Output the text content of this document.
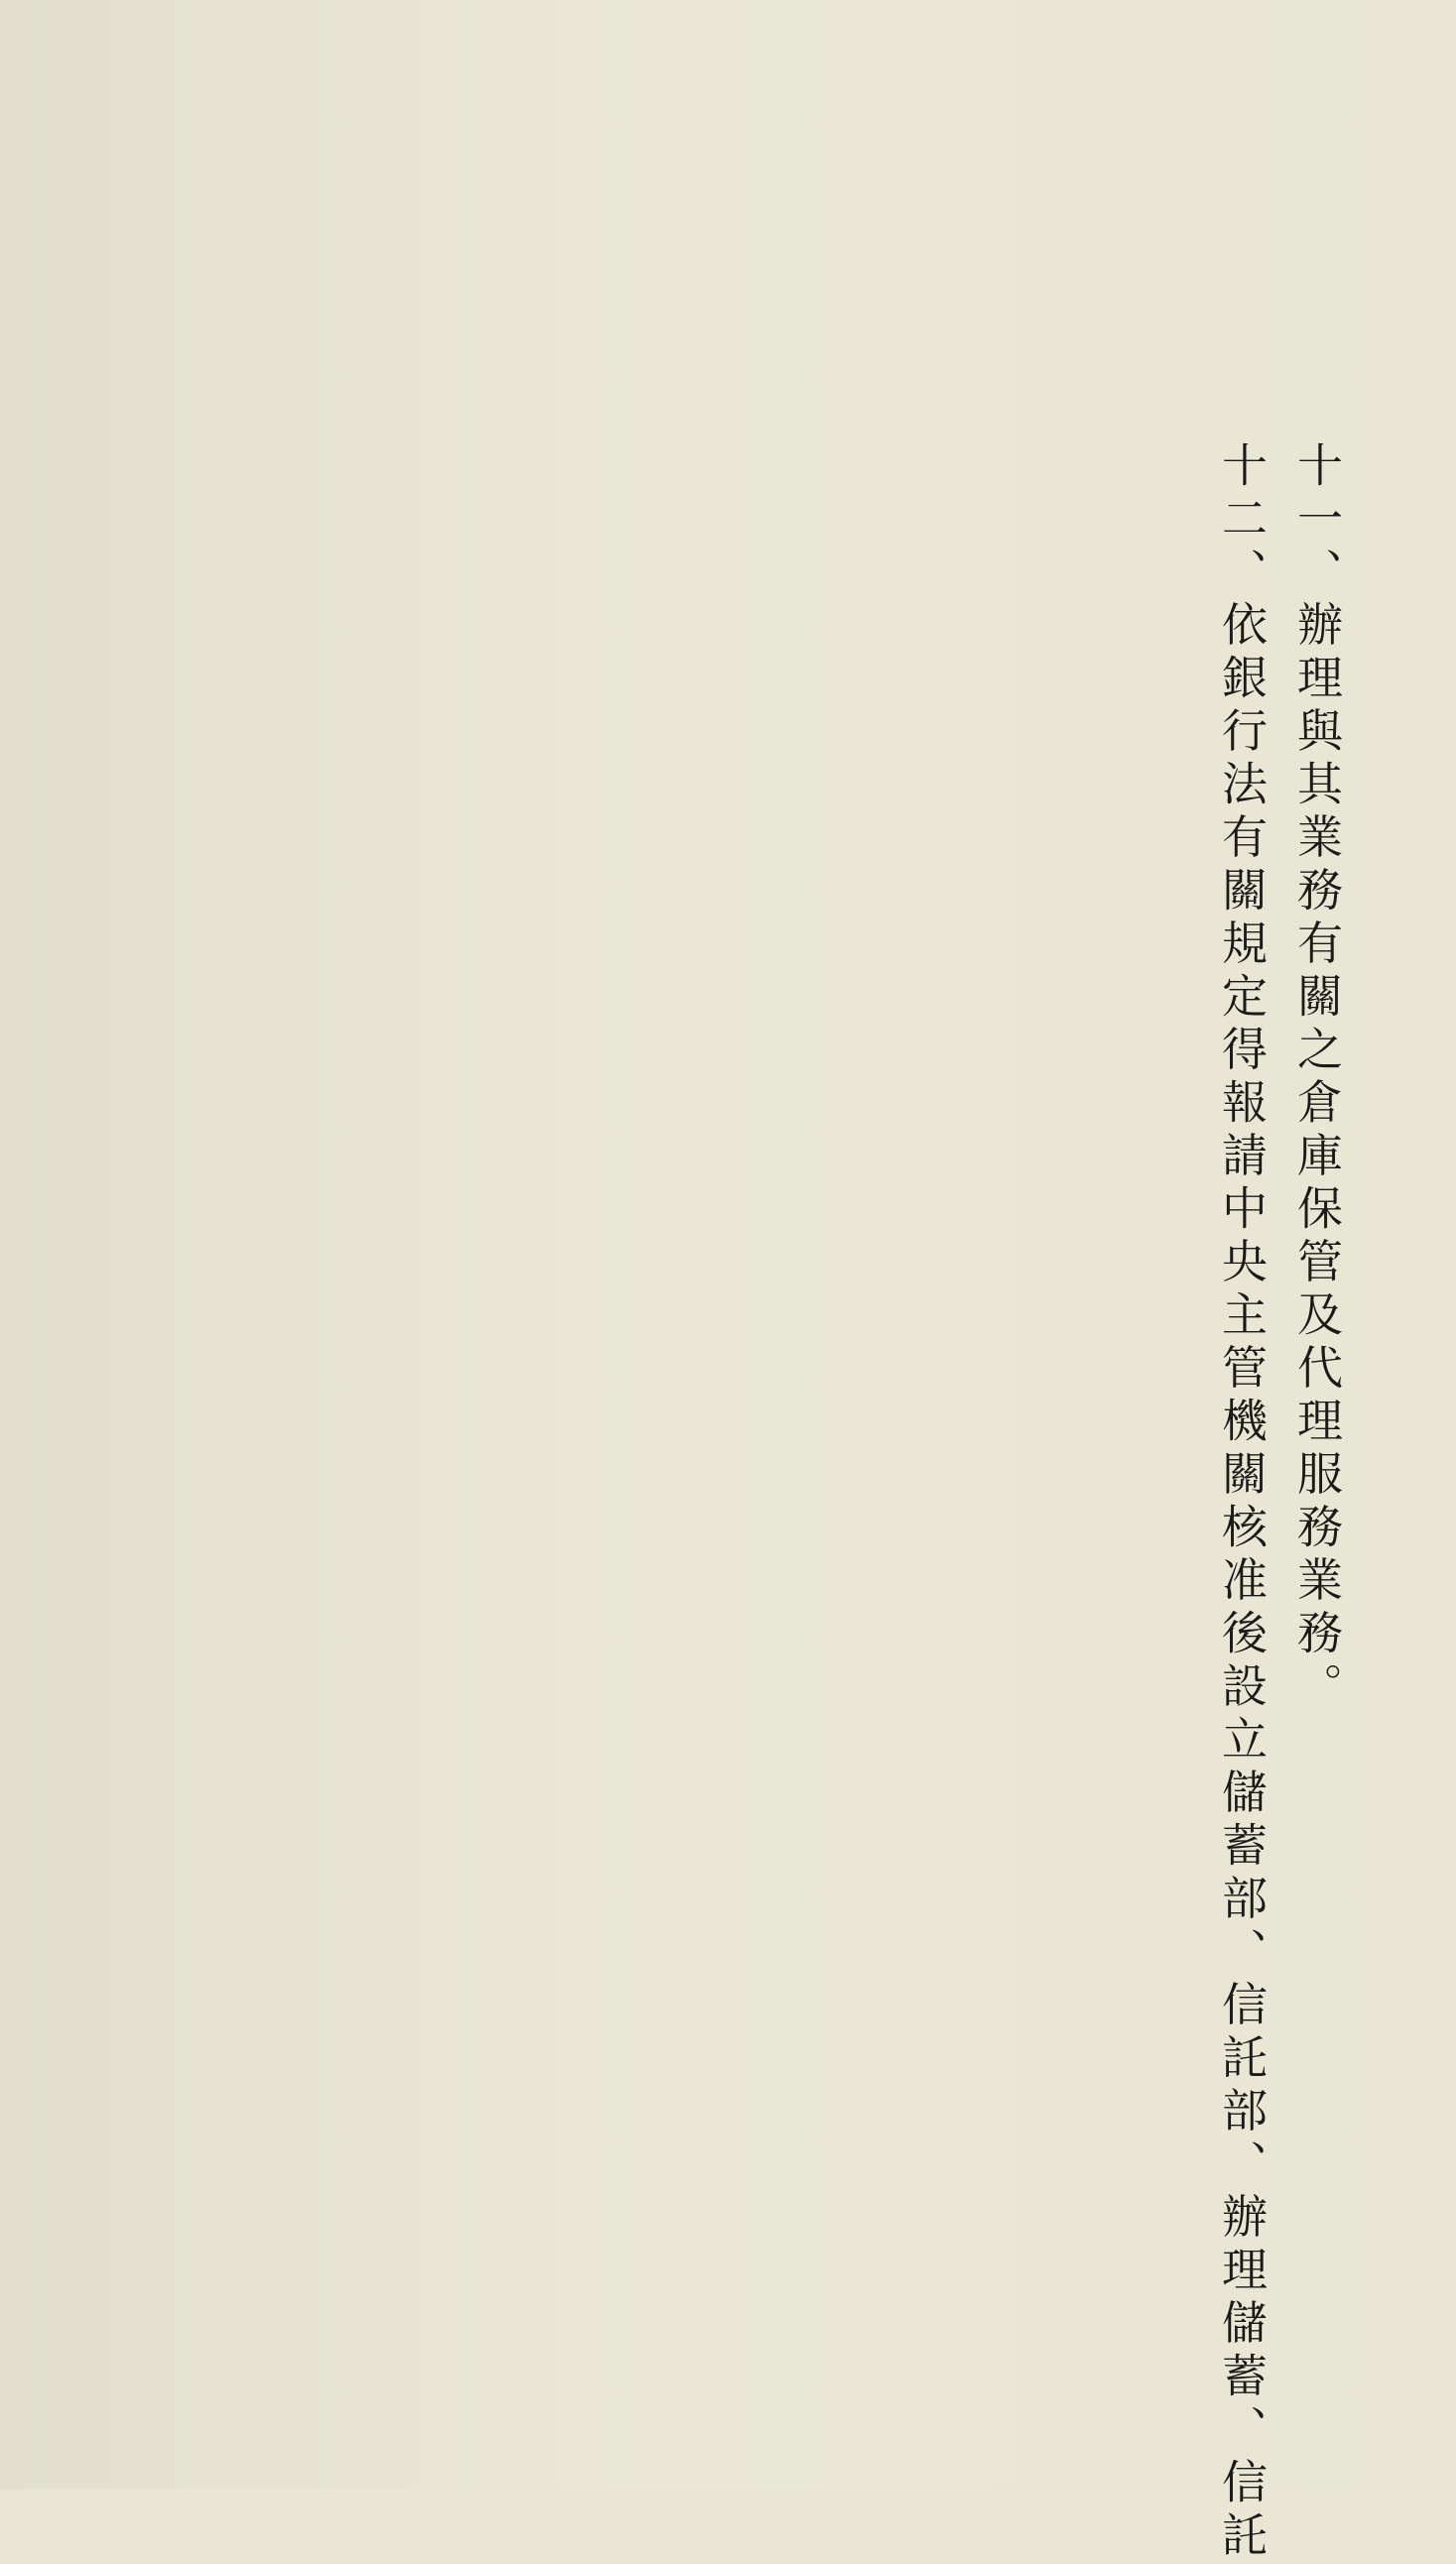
十一、辦理與其業務有關之倉庫保管及代理服務業務。
十二、依銀行法有關規定得報請中央主管機關核准後設立儲蓄部、信託部、辦理儲蓄、信託
